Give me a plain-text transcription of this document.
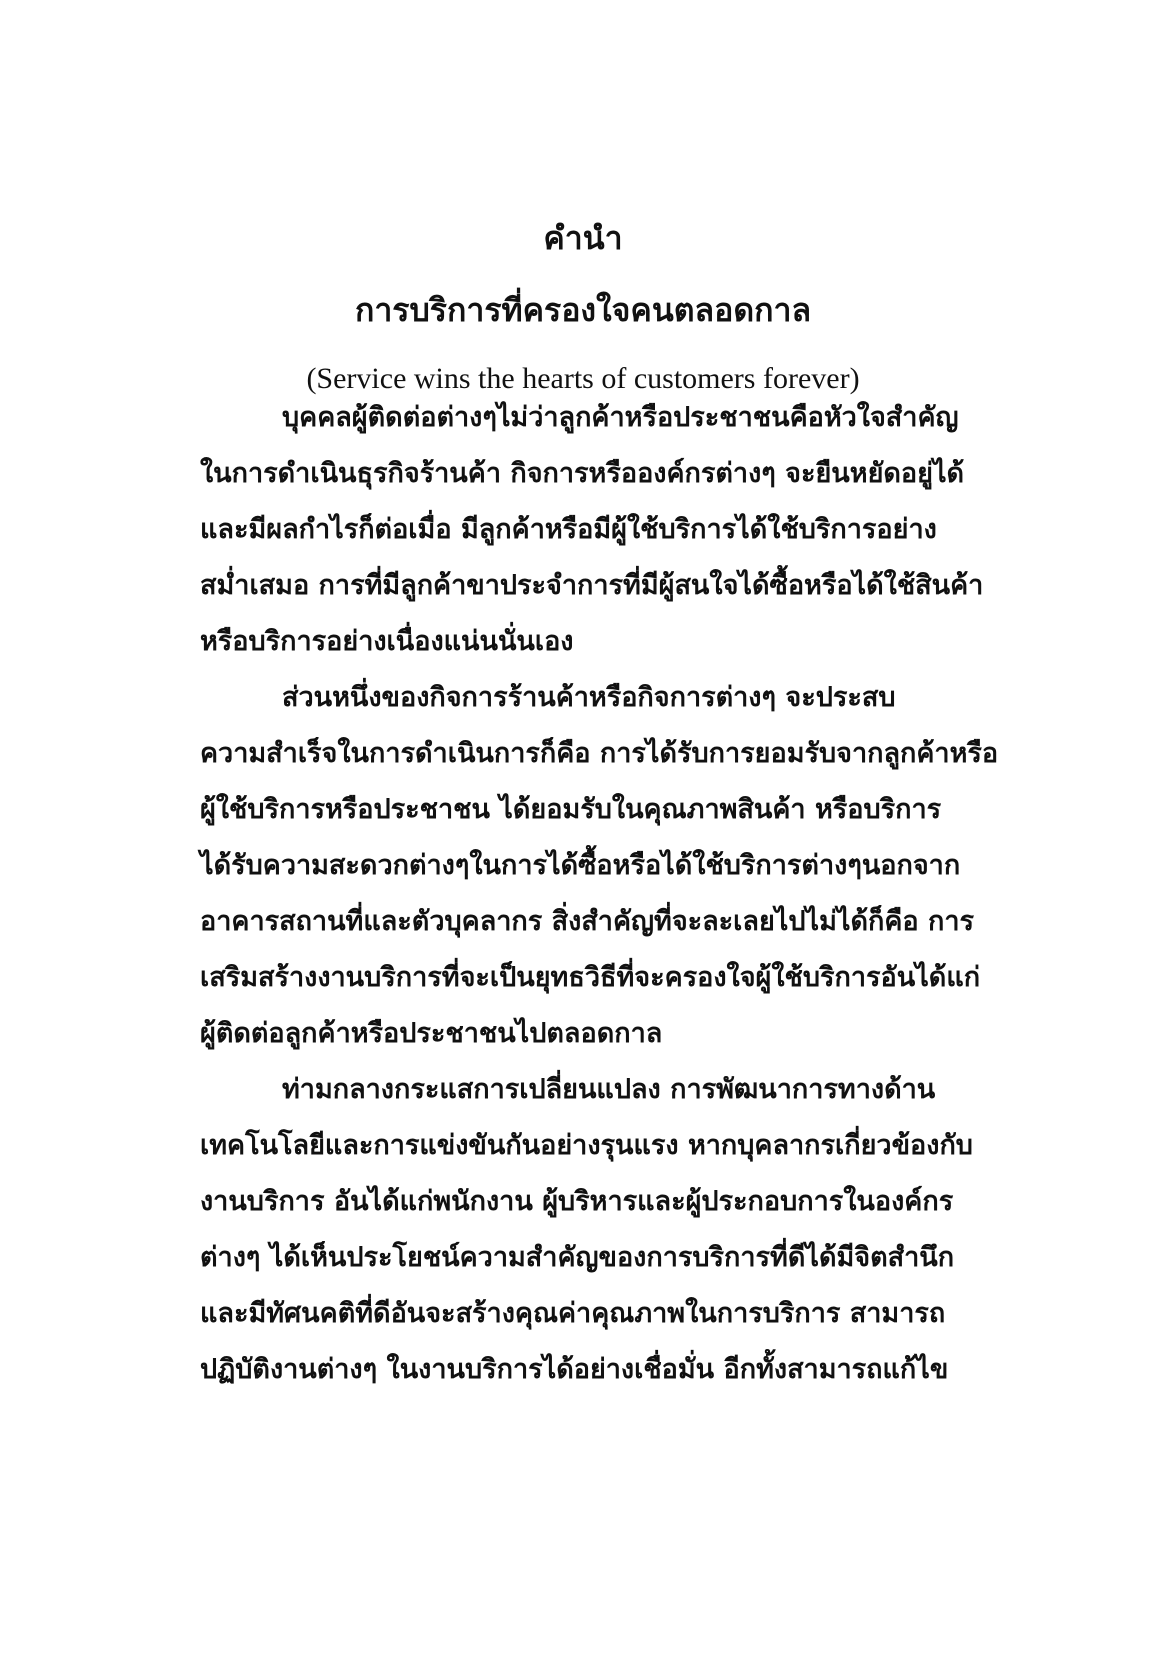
คำนำ
การบริการที่ครองใจคนตลอดกาล

(Service wins the hearts of customers forever)

บุคคลผู้ติดต่อต่างๆไม่ว่าลูกค้าหรือประชาชนคือหัวใจสำคัญ

ในการดำเนินธุรกิจร้านค้า กิจการหรือองค์กรต่างๆ จะยืนหยัดอยู่ได้

และมีผลกำไรก็ต่อเมื่อ มีลูกค้าหรือมีผู้ใช้บริการได้ใช้บริการอย่าง

สม่ำเสมอ การที่มีลูกค้าขาประจำการที่มีผู้สนใจได้ซื้อหรือได้ใช้สินค้า

หรือบริการอย่างเนื่องแน่นนั่นเอง

ส่วนหนึ่งของกิจการร้านค้าหรือกิจการต่างๆ จะประสบ

ความสำเร็จในการดำเนินการก็คือ การได้รับการยอมรับจากลูกค้าหรือ

ผู้ใช้บริการหรือประชาชน ได้ยอมรับในคุณภาพสินค้า หรือบริการ

ได้รับความสะดวกต่างๆในการได้ซื้อหรือได้ใช้บริการต่างๆนอกจาก

อาคารสถานที่และตัวบุคลากร สิ่งสำคัญที่จะละเลยไปไม่ได้ก็คือ การ

เสริมสร้างงานบริการที่จะเป็นยุทธวิธีที่จะครองใจผู้ใช้บริการอันได้แก่

ผู้ติดต่อลูกค้าหรือประชาชนไปตลอดกาล

ท่ามกลางกระแสการเปลี่ยนแปลง การพัฒนาการทางด้าน

เทคโนโลยีและการแข่งขันกันอย่างรุนแรง หากบุคลากรเกี่ยวข้องกับ

งานบริการ อันได้แก่พนักงาน ผู้บริหารและผู้ประกอบการในองค์กร

ต่างๆ ได้เห็นประโยชน์ความสำคัญของการบริการที่ดีได้มีจิตสำนึก

และมีทัศนคติที่ดีอันจะสร้างคุณค่าคุณภาพในการบริการ สามารถ

ปฏิบัติงานต่างๆ ในงานบริการได้อย่างเชื่อมั่น อีกทั้งสามารถแก้ไข
